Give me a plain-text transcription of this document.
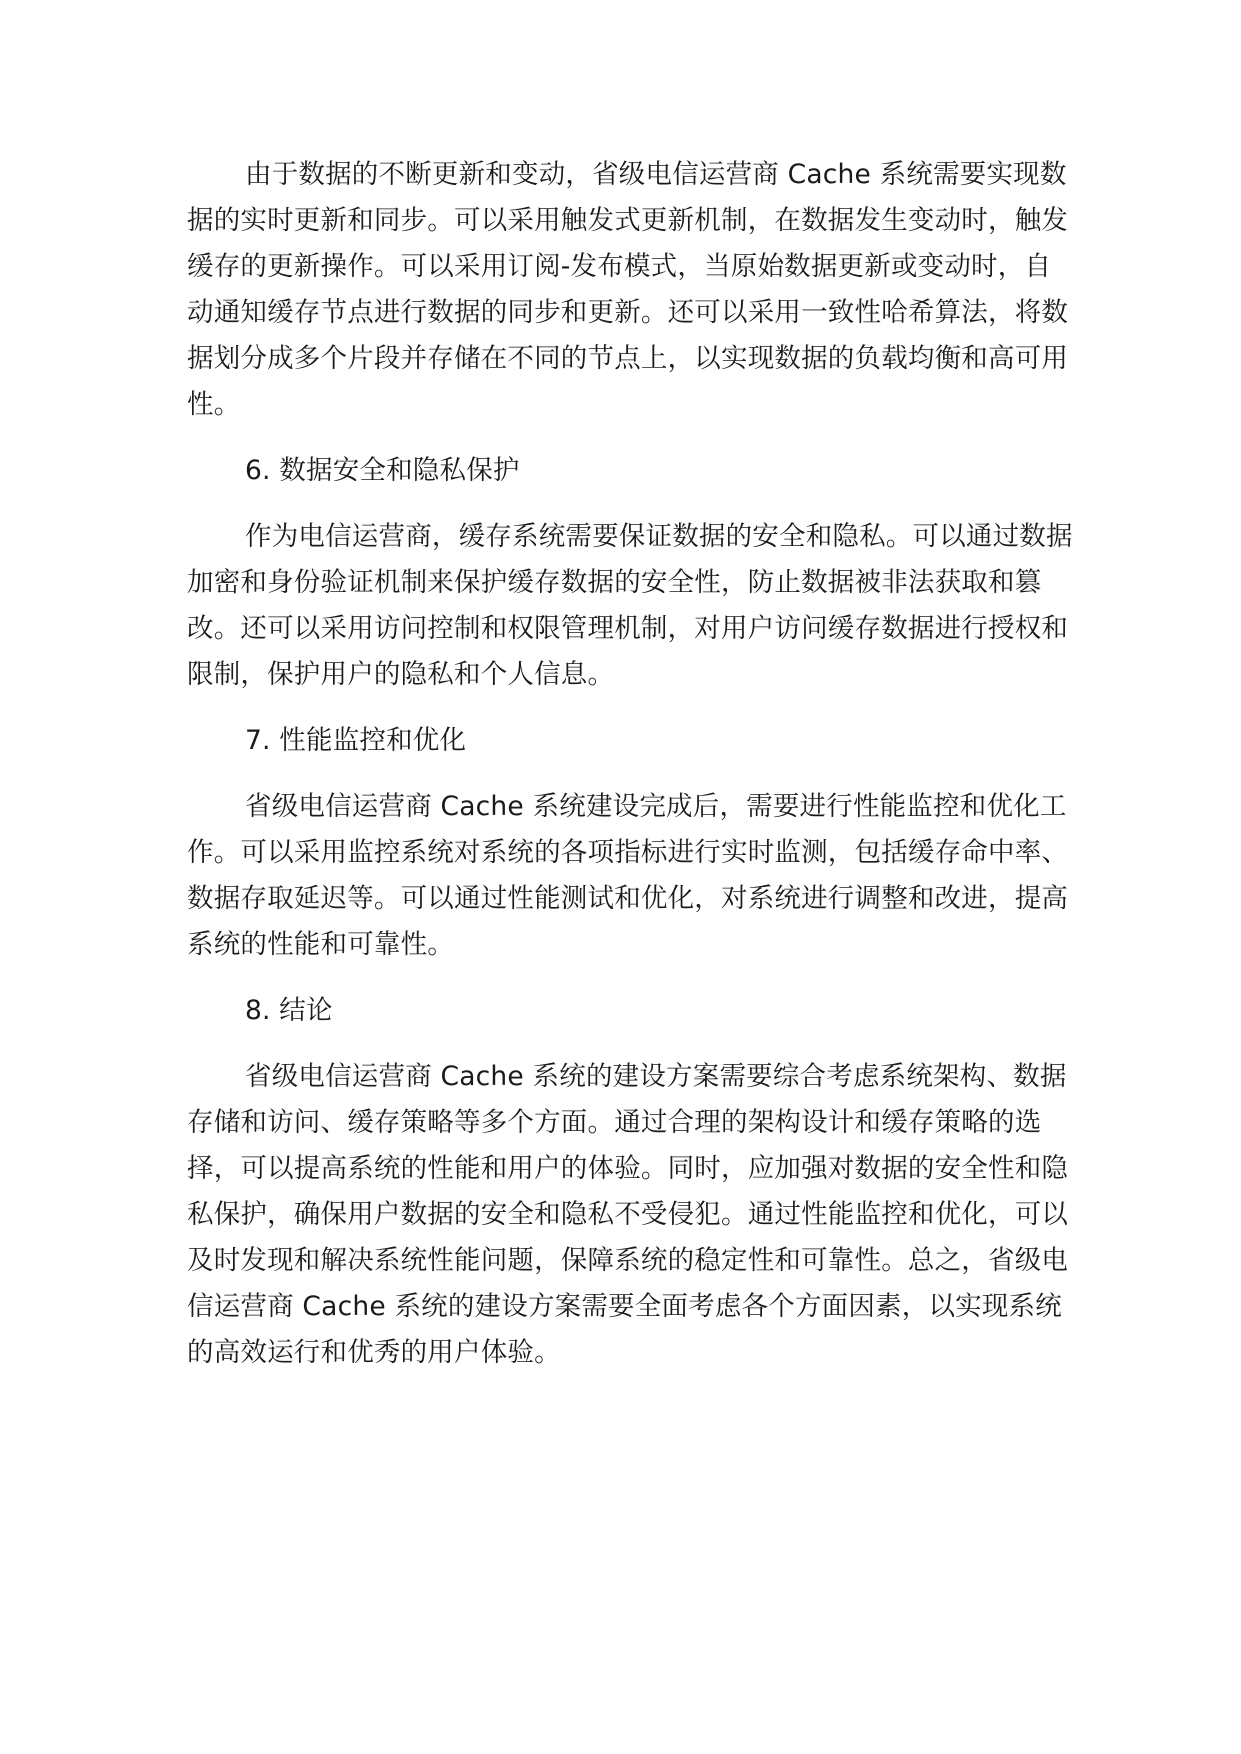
由于数据的不断更新和变动，省级电信运营商 Cache 系统需要实现数据的实时更新和同步。可以采用触发式更新机制，在数据发生变动时，触发缓存的更新操作。可以采用订阅-发布模式，当原始数据更新或变动时，自动通知缓存节点进行数据的同步和更新。还可以采用一致性哈希算法，将数据划分成多个片段并存储在不同的节点上，以实现数据的负载均衡和高可用性。

6. 数据安全和隐私保护

作为电信运营商，缓存系统需要保证数据的安全和隐私。可以通过数据加密和身份验证机制来保护缓存数据的安全性，防止数据被非法获取和篡改。还可以采用访问控制和权限管理机制，对用户访问缓存数据进行授权和限制，保护用户的隐私和个人信息。

7. 性能监控和优化

省级电信运营商 Cache 系统建设完成后，需要进行性能监控和优化工作。可以采用监控系统对系统的各项指标进行实时监测，包括缓存命中率、数据存取延迟等。可以通过性能测试和优化，对系统进行调整和改进，提高系统的性能和可靠性。

8. 结论

省级电信运营商 Cache 系统的建设方案需要综合考虑系统架构、数据存储和访问、缓存策略等多个方面。通过合理的架构设计和缓存策略的选择，可以提高系统的性能和用户的体验。同时，应加强对数据的安全性和隐私保护，确保用户数据的安全和隐私不受侵犯。通过性能监控和优化，可以及时发现和解决系统性能问题，保障系统的稳定性和可靠性。总之，省级电信运营商 Cache 系统的建设方案需要全面考虑各个方面因素，以实现系统的高效运行和优秀的用户体验。
